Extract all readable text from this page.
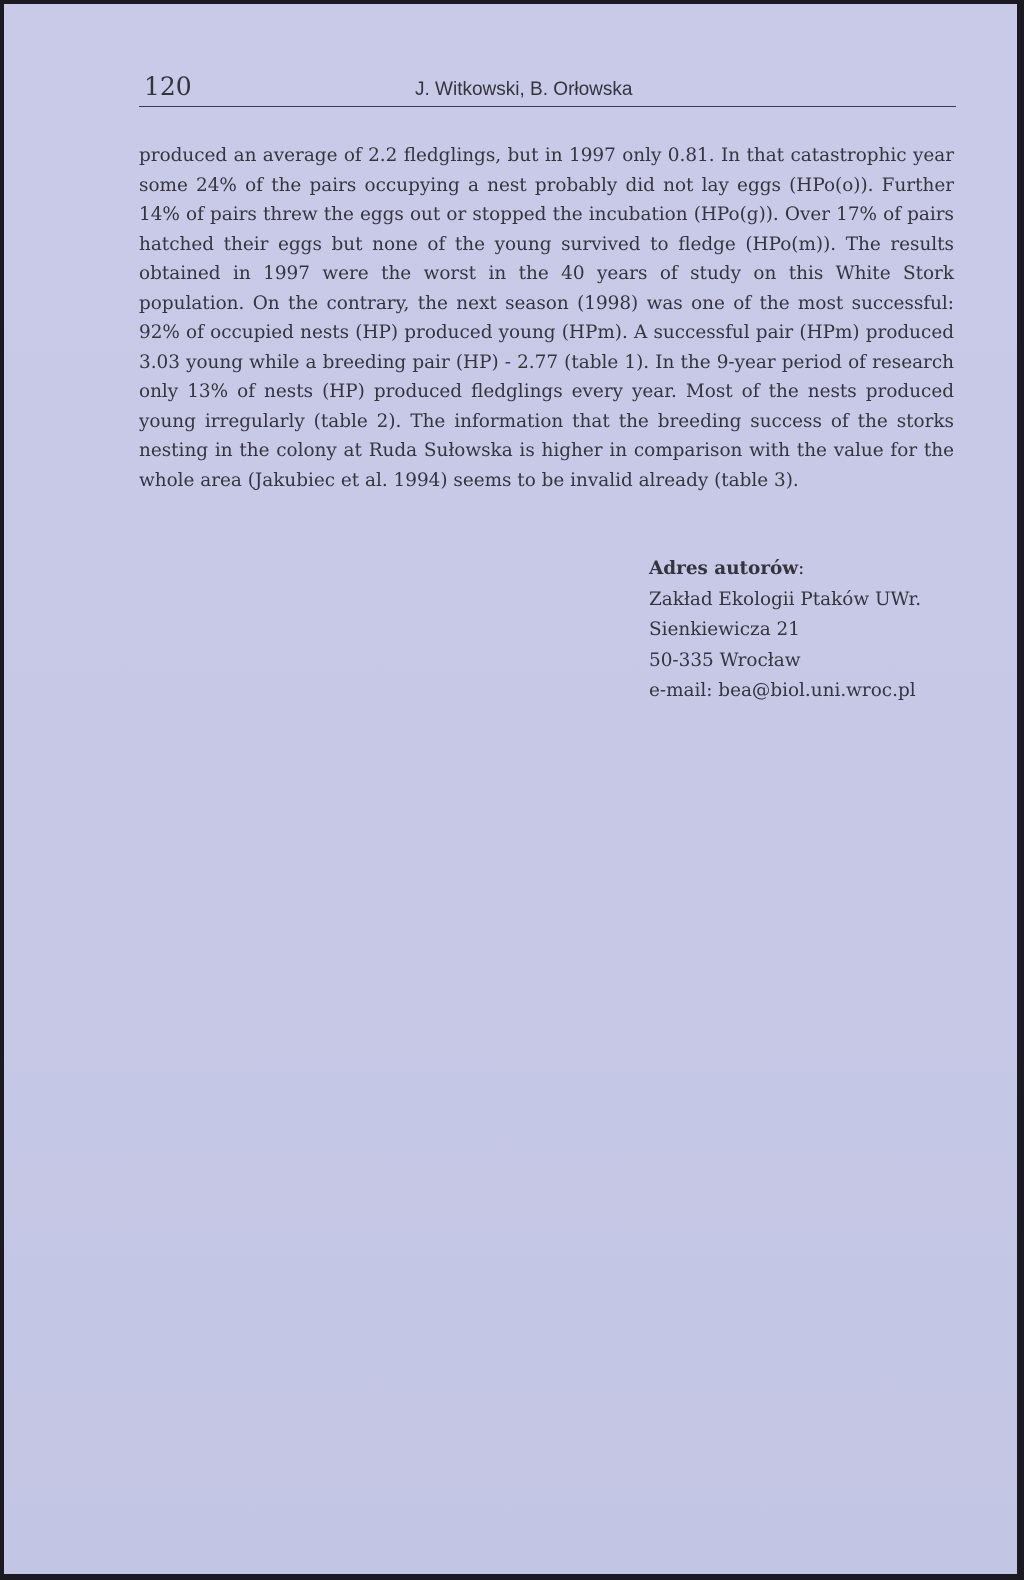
120	J. Witkowski, B. Orłowska

produced an average of 2.2 fledglings, but in 1997 only 0.81. In that catastrophic year some 24% of the pairs occupying a nest probably did not lay eggs (HPo(o)). Further 14% of pairs threw the eggs out or stopped the incubation (HPo(g)). Over 17% of pairs hatched their eggs but none of the young survived to fledge (HPo(m)). The results obtained in 1997 were the worst in the 40 years of study on this White Stork population. On the contrary, the next season (1998) was one of the most successful: 92% of occupied nests (HP) produced young (HPm). A successful pair (HPm) produced 3.03 young while a breeding pair (HP) - 2.77 (table 1). In the 9-year period of research only 13% of nests (HP) produced fledglings every year. Most of the nests produced young irregularly (table 2). The information that the breeding success of the storks nesting in the colony at Ruda Sułowska is higher in comparison with the value for the whole area (Jakubiec et al. 1994) seems to be invalid already (table 3).

Adres autorów:
Zakład Ekologii Ptaków UWr.
Sienkiewicza 21
50-335 Wrocław
e-mail: bea@biol.uni.wroc.pl
